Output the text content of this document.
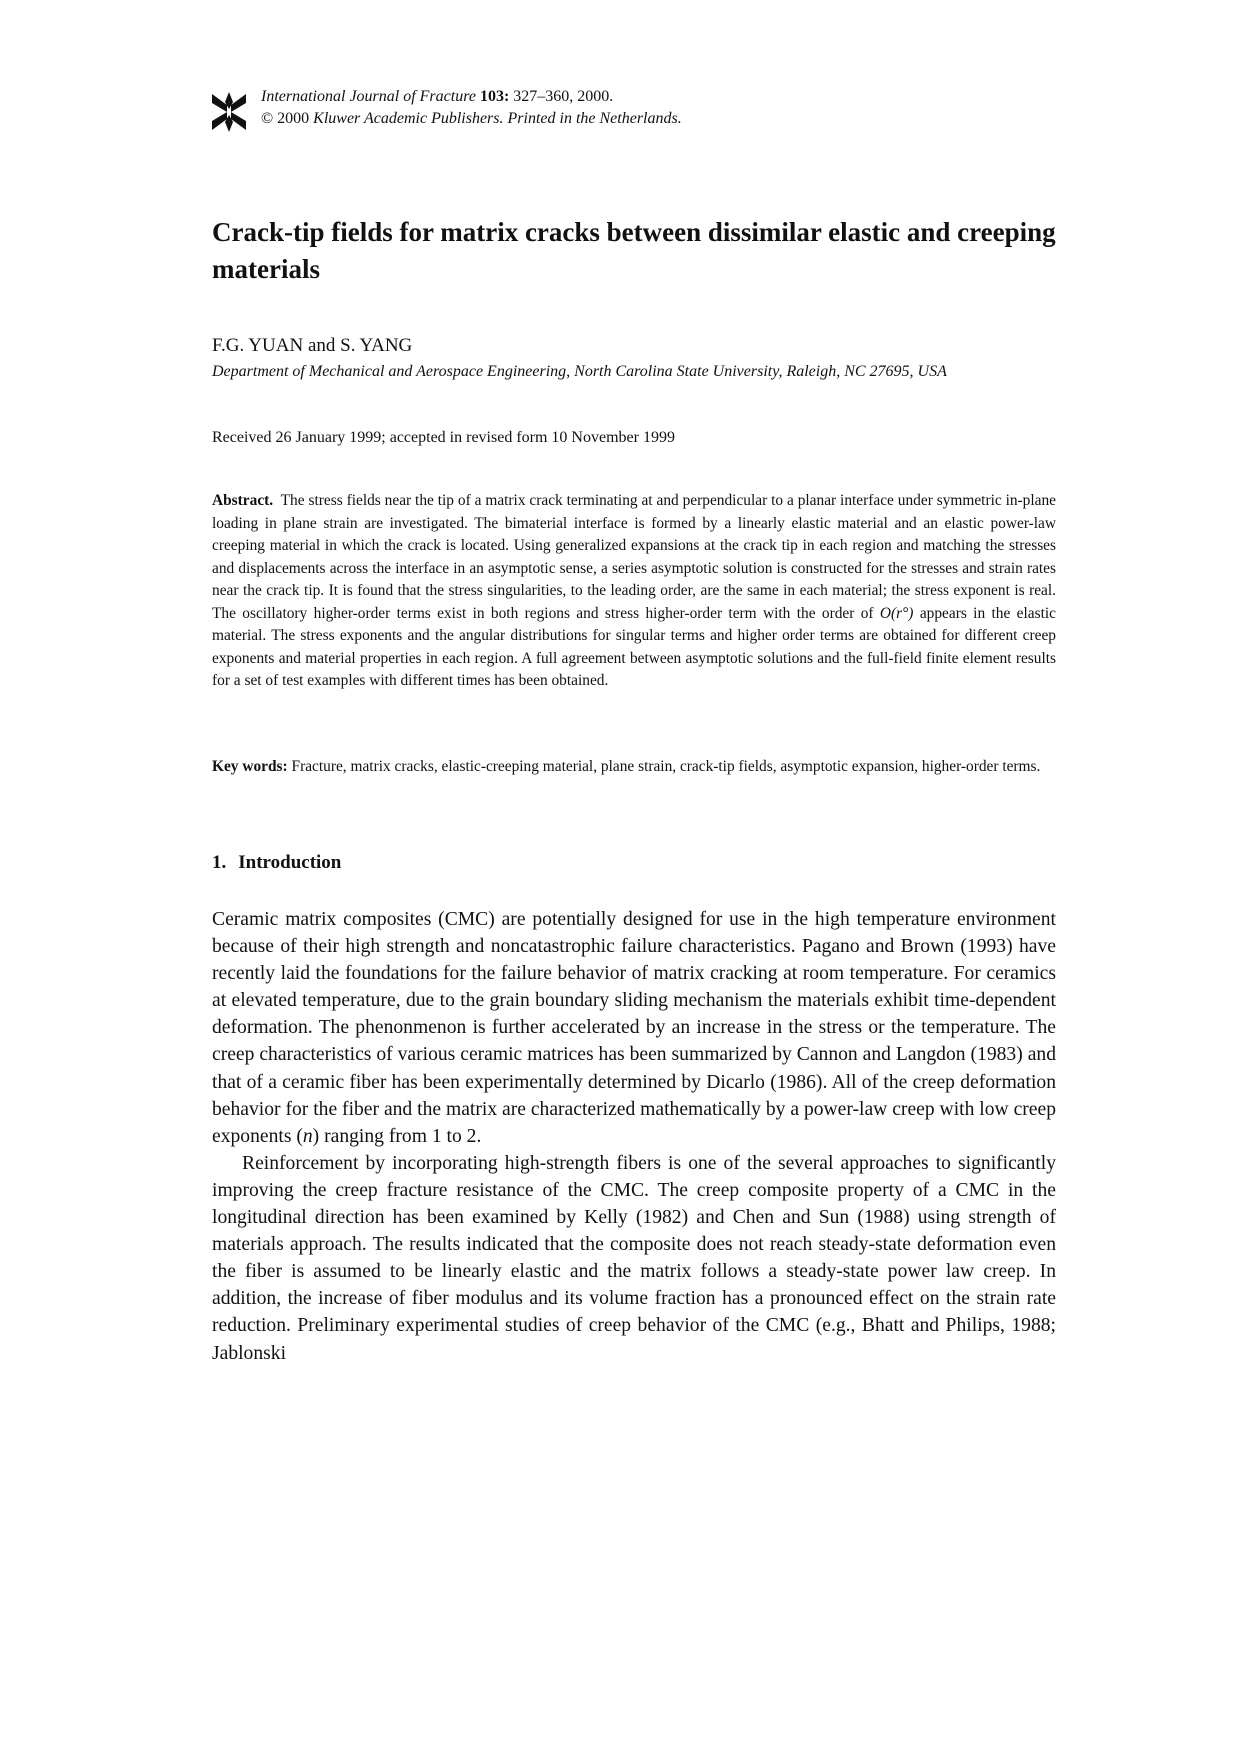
International Journal of Fracture 103: 327–360, 2000.
© 2000 Kluwer Academic Publishers. Printed in the Netherlands.
Crack-tip fields for matrix cracks between dissimilar elastic and creeping materials
F.G. YUAN and S. YANG
Department of Mechanical and Aerospace Engineering, North Carolina State University, Raleigh, NC 27695, USA
Received 26 January 1999; accepted in revised form 10 November 1999

Abstract. The stress fields near the tip of a matrix crack terminating at and perpendicular to a planar interface under symmetric in-plane loading in plane strain are investigated. The bimaterial interface is formed by a linearly elastic material and an elastic power-law creeping material in which the crack is located. Using generalized expansions at the crack tip in each region and matching the stresses and displacements across the interface in an asymptotic sense, a series asymptotic solution is constructed for the stresses and strain rates near the crack tip. It is found that the stress singularities, to the leading order, are the same in each material; the stress exponent is real. The oscillatory higher-order terms exist in both regions and stress higher-order term with the order of O(r°) appears in the elastic material. The stress exponents and the angular distributions for singular terms and higher order terms are obtained for different creep exponents and material properties in each region. A full agreement between asymptotic solutions and the full-field finite element results for a set of test examples with different times has been obtained.

Key words: Fracture, matrix cracks, elastic-creeping material, plane strain, crack-tip fields, asymptotic expansion, higher-order terms.

1. Introduction

Ceramic matrix composites (CMC) are potentially designed for use in the high temperature environment because of their high strength and noncatastrophic failure characteristics. Pagano and Brown (1993) have recently laid the foundations for the failure behavior of matrix cracking at room temperature. For ceramics at elevated temperature, due to the grain boundary sliding mechanism the materials exhibit time-dependent deformation. The phenonmenon is further accelerated by an increase in the stress or the temperature. The creep characteristics of various ceramic matrices has been summarized by Cannon and Langdon (1983) and that of a ceramic fiber has been experimentally determined by Dicarlo (1986). All of the creep deformation behavior for the fiber and the matrix are characterized mathematically by a power-law creep with low creep exponents (n) ranging from 1 to 2.

Reinforcement by incorporating high-strength fibers is one of the several approaches to significantly improving the creep fracture resistance of the CMC. The creep composite property of a CMC in the longitudinal direction has been examined by Kelly (1982) and Chen and Sun (1988) using strength of materials approach. The results indicated that the composite does not reach steady-state deformation even the fiber is assumed to be linearly elastic and the matrix follows a steady-state power law creep. In addition, the increase of fiber modulus and its volume fraction has a pronounced effect on the strain rate reduction. Preliminary experimental studies of creep behavior of the CMC (e.g., Bhatt and Philips, 1988; Jablonski
